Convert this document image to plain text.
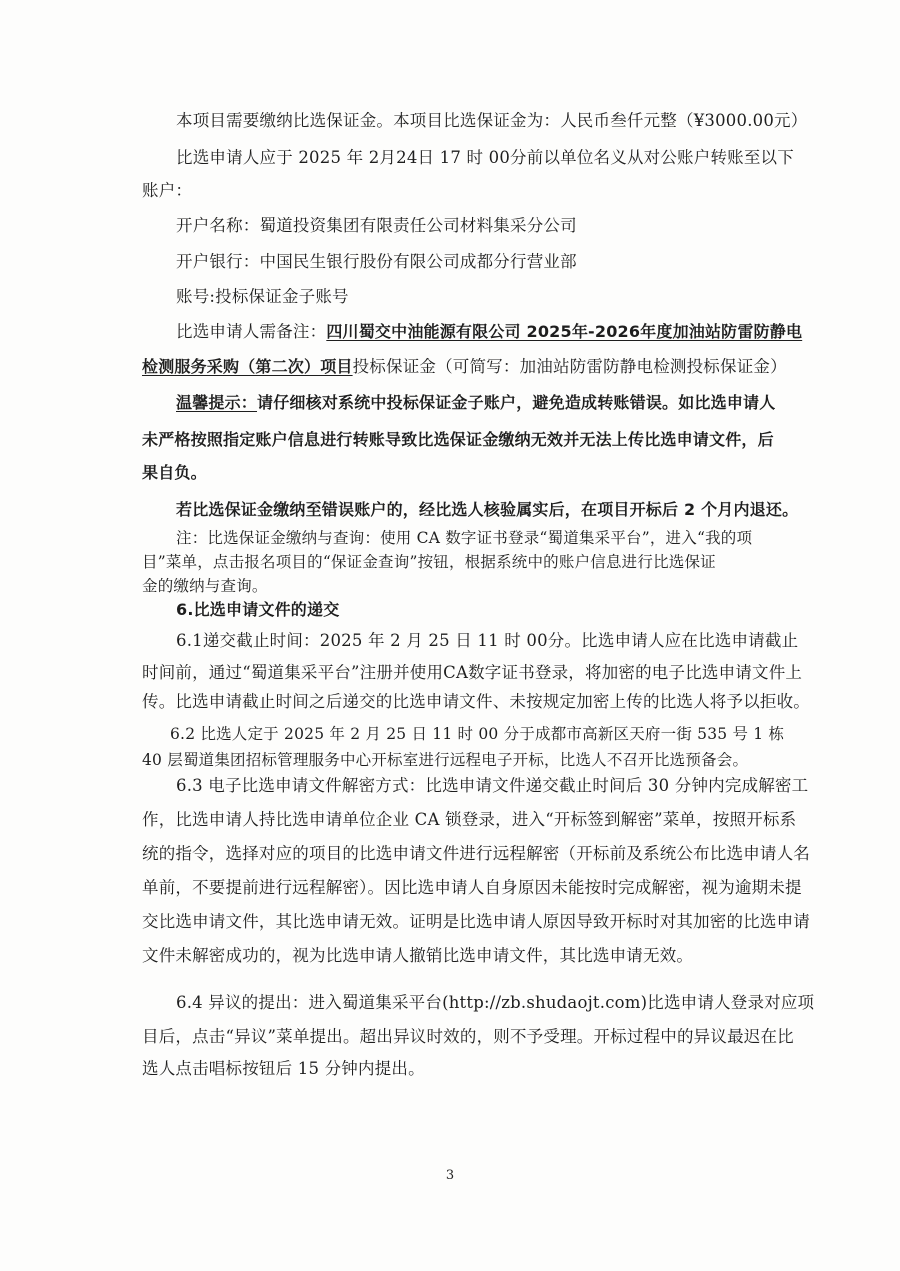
本项目需要缴纳比选保证金。本项目比选保证金为：人民币叁仟元整（¥3000.00元）
比选申请人应于 2025 年 2月24日 17 时 00分前以单位名义从对公账户转账至以下
账户：
开户名称：蜀道投资集团有限责任公司材料集采分公司
开户银行：中国民生银行股份有限公司成都分行营业部
账号:投标保证金子账号
比选申请人需备注：四川蜀交中油能源有限公司 2025年-2026年度加油站防雷防静电
检测服务采购（第二次）项目投标保证金（可简写：加油站防雷防静电检测投标保证金）
温馨提示：请仔细核对系统中投标保证金子账户，避免造成转账错误。如比选申请人
未严格按照指定账户信息进行转账导致比选保证金缴纳无效并无法上传比选申请文件，后
果自负。
若比选保证金缴纳至错误账户的，经比选人核验属实后，在项目开标后 2 个月内退还。
注：比选保证金缴纳与查询：使用 CA 数字证书登录“蜀道集采平台”，进入“我的项
目”菜单，点击报名项目的“保证金查询”按钮，根据系统中的账户信息进行比选保证
金的缴纳与查询。
6.比选申请文件的递交
6.1递交截止时间：2025 年 2 月 25 日 11 时 00分。比选申请人应在比选申请截止
时间前，通过“蜀道集采平台”注册并使用CA数字证书登录，将加密的电子比选申请文件上
传。比选申请截止时间之后递交的比选申请文件、未按规定加密上传的比选人将予以拒收。
6.2 比选人定于 2025 年 2 月 25 日 11 时 00 分于成都市高新区天府一街 535 号 1 栋
40 层蜀道集团招标管理服务中心开标室进行远程电子开标，比选人不召开比选预备会。
6.3 电子比选申请文件解密方式：比选申请文件递交截止时间后 30 分钟内完成解密工
作，比选申请人持比选申请单位企业 CA 锁登录，进入“开标签到解密”菜单，按照开标系
统的指令，选择对应的项目的比选申请文件进行远程解密（开标前及系统公布比选申请人名
单前，不要提前进行远程解密）。因比选申请人自身原因未能按时完成解密，视为逾期未提
交比选申请文件，其比选申请无效。证明是比选申请人原因导致开标时对其加密的比选申请
文件未解密成功的，视为比选申请人撤销比选申请文件，其比选申请无效。
6.4 异议的提出：进入蜀道集采平台(http://zb.shudaojt.com)比选申请人登录对应项
目后，点击“异议”菜单提出。超出异议时效的，则不予受理。开标过程中的异议最迟在比
选人点击唱标按钮后 15 分钟内提出。
3
